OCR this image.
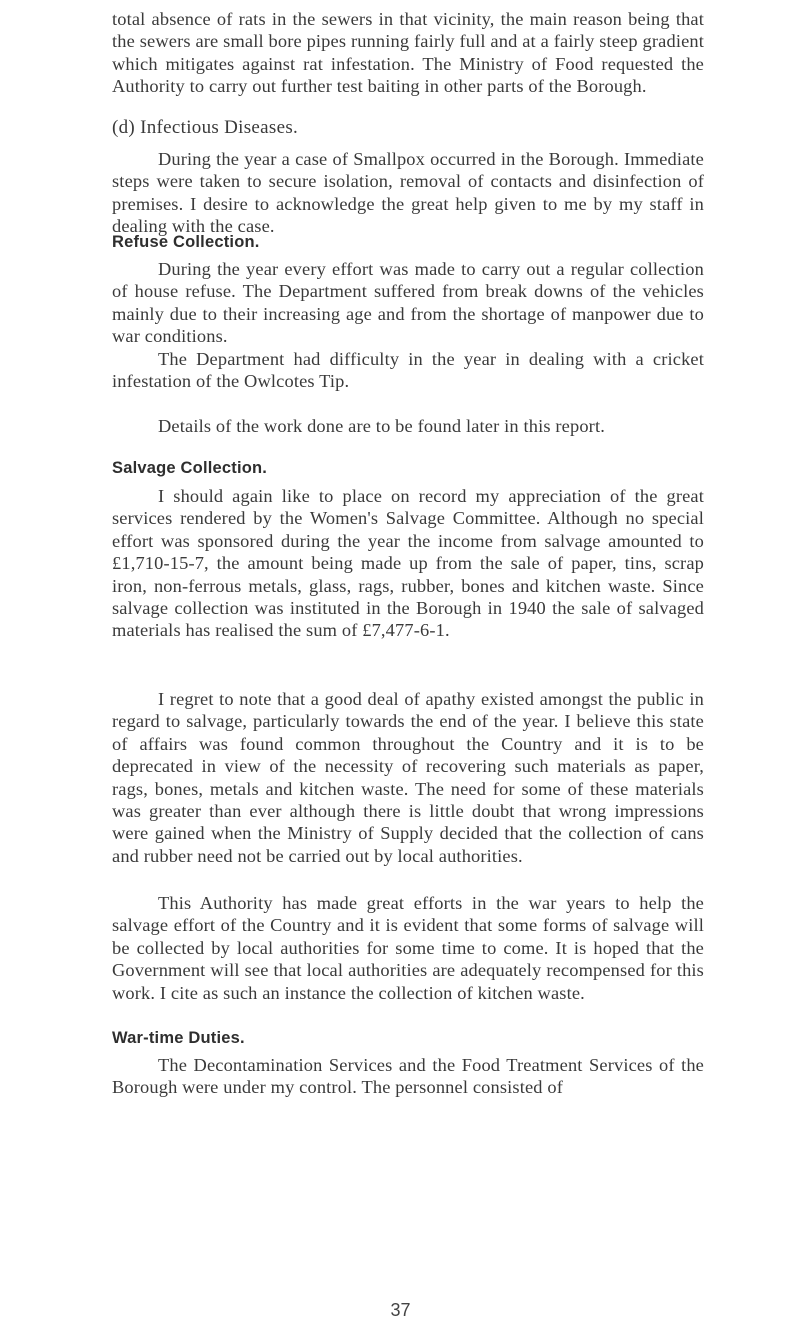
total absence of rats in the sewers in that vicinity, the main reason being that the sewers are small bore pipes running fairly full and at a fairly steep gradient which mitigates against rat infestation. The Ministry of Food requested the Authority to carry out further test baiting in other parts of the Borough.

(d) Infectious Diseases.

During the year a case of Smallpox occurred in the Borough. Immediate steps were taken to secure isolation, removal of contacts and disinfection of premises. I desire to acknowledge the great help given to me by my staff in dealing with the case.

Refuse Collection.

During the year every effort was made to carry out a regular collection of house refuse. The Department suffered from break downs of the vehicles mainly due to their increasing age and from the shortage of manpower due to war conditions.

The Department had difficulty in the year in dealing with a cricket infestation of the Owlcotes Tip.

Details of the work done are to be found later in this report.

Salvage Collection.

I should again like to place on record my appreciation of the great services rendered by the Women's Salvage Committee. Although no special effort was sponsored during the year the income from salvage amounted to £1,710-15-7, the amount being made up from the sale of paper, tins, scrap iron, non-ferrous metals, glass, rags, rubber, bones and kitchen waste. Since salvage collection was instituted in the Borough in 1940 the sale of salvaged materials has realised the sum of £7,477-6-1.

I regret to note that a good deal of apathy existed amongst the public in regard to salvage, particularly towards the end of the year. I believe this state of affairs was found common throughout the Country and it is to be deprecated in view of the necessity of recovering such materials as paper, rags, bones, metals and kitchen waste. The need for some of these materials was greater than ever although there is little doubt that wrong impressions were gained when the Ministry of Supply decided that the collection of cans and rubber need not be carried out by local authorities.

This Authority has made great efforts in the war years to help the salvage effort of the Country and it is evident that some forms of salvage will be collected by local authorities for some time to come. It is hoped that the Government will see that local authorities are adequately recompensed for this work. I cite as such an instance the collection of kitchen waste.

War-time Duties.

The Decontamination Services and the Food Treatment Services of the Borough were under my control. The personnel consisted of

37
